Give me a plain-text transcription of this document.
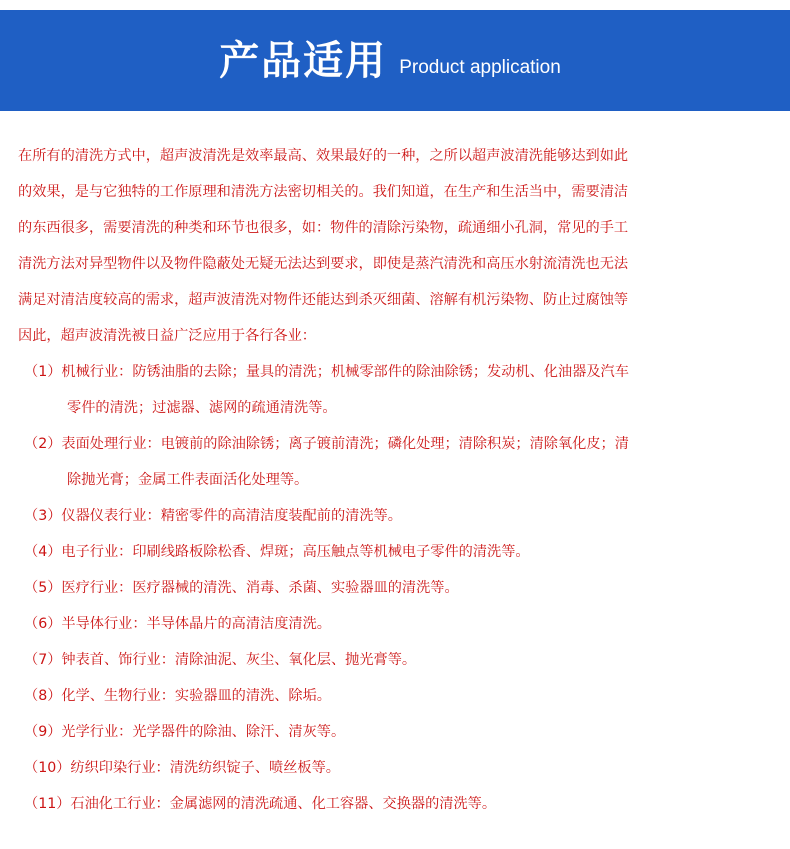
产品适用 Product application
在所有的清洗方式中，超声波清洗是效率最高、效果最好的一种，之所以超声波清洗能够达到如此
的效果，是与它独特的工作原理和清洗方法密切相关的。我们知道，在生产和生活当中，需要清洁
的东西很多，需要清洗的种类和环节也很多，如：物件的清除污染物，疏通细小孔洞，常见的手工
清洗方法对异型物件以及物件隐蔽处无疑无法达到要求，即使是蒸汽清洗和高压水射流清洗也无法
满足对清洁度较高的需求，超声波清洗对物件还能达到杀灭细菌、溶解有机污染物、防止过腐蚀等
因此，超声波清洗被日益广泛应用于各行各业：
（1）机械行业：防锈油脂的去除；量具的清洗；机械零部件的除油除锈；发动机、化油器及汽车
零件的清洗；过滤器、滤网的疏通清洗等。
（2）表面处理行业：电镀前的除油除锈；离子镀前清洗；磷化处理；清除积炭；清除氧化皮；清
除抛光膏；金属工件表面活化处理等。
（3）仪器仪表行业：精密零件的高清洁度装配前的清洗等。
（4）电子行业：印刷线路板除松香、焊斑；高压触点等机械电子零件的清洗等。
（5）医疗行业：医疗器械的清洗、消毒、杀菌、实验器皿的清洗等。
（6）半导体行业：半导体晶片的高清洁度清洗。
（7）钟表首、饰行业：清除油泥、灰尘、氧化层、抛光膏等。
（8）化学、生物行业：实验器皿的清洗、除垢。
（9）光学行业：光学器件的除油、除汗、清灰等。
（10）纺织印染行业：清洗纺织锭子、喷丝板等。
（11）石油化工行业：金属滤网的清洗疏通、化工容器、交换器的清洗等。
